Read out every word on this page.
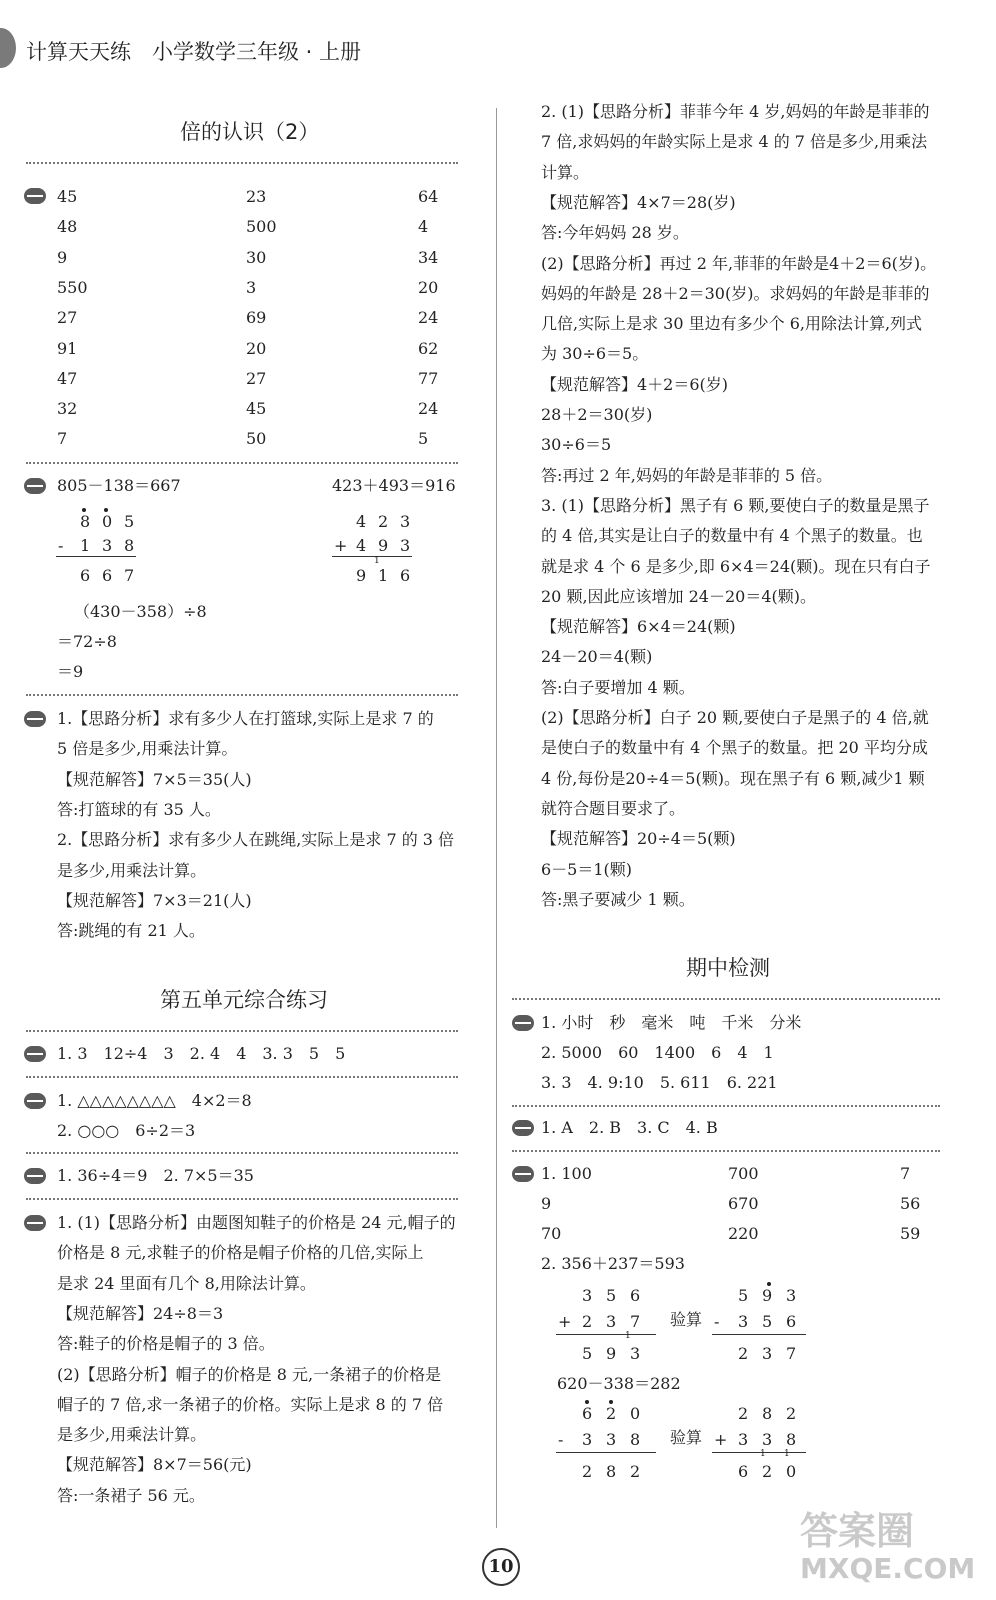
计算天天练　小学数学三年级 · 上册
倍的认识（2）
45	23	64
48	500	4
9	30	34
550	3	20
27	69	24
91	20	62
47	27	77
32	45	24
7	50	5
805－138＝667	423＋493＝916
8 0 5
- 1 3 8
6 6 7
4 2 3
+ 4 9 3
9 1 6
1
（430－358）÷8
＝72÷8
＝9
1.【思路分析】求有多少人在打篮球,实际上是求 7 的
5 倍是多少,用乘法计算。
【规范解答】7×5＝35(人)
答:打篮球的有 35 人。
2.【思路分析】求有多少人在跳绳,实际上是求 7 的 3 倍
是多少,用乘法计算。
【规范解答】7×3＝21(人)
答:跳绳的有 21 人。
第五单元综合练习
1. 3　12÷4　3　2. 4　4　3. 3　5　5
1. △△△△△△△△　4×2＝8
2. ○○○　6÷2＝3
1. 36÷4＝9　2. 7×5＝35
1. (1)【思路分析】由题图知鞋子的价格是 24 元,帽子的
价格是 8 元,求鞋子的价格是帽子价格的几倍,实际上
是求 24 里面有几个 8,用除法计算。
【规范解答】24÷8＝3
答:鞋子的价格是帽子的 3 倍。
(2)【思路分析】帽子的价格是 8 元,一条裙子的价格是
帽子的 7 倍,求一条裙子的价格。实际上是求 8 的 7 倍
是多少,用乘法计算。
【规范解答】8×7＝56(元)
答:一条裙子 56 元。
2. (1)【思路分析】菲菲今年 4 岁,妈妈的年龄是菲菲的
7 倍,求妈妈的年龄实际上是求 4 的 7 倍是多少,用乘法
计算。
【规范解答】4×7＝28(岁)
答:今年妈妈 28 岁。
(2)【思路分析】再过 2 年,菲菲的年龄是4＋2＝6(岁)。
妈妈的年龄是 28＋2＝30(岁)。求妈妈的年龄是菲菲的
几倍,实际上是求 30 里边有多少个 6,用除法计算,列式
为 30÷6＝5。
【规范解答】4＋2＝6(岁)
28＋2＝30(岁)
30÷6＝5
答:再过 2 年,妈妈的年龄是菲菲的 5 倍。
3. (1)【思路分析】黑子有 6 颗,要使白子的数量是黑子
的 4 倍,其实是让白子的数量中有 4 个黑子的数量。也
就是求 4 个 6 是多少,即 6×4＝24(颗)。现在只有白子
20 颗,因此应该增加 24－20＝4(颗)。
【规范解答】6×4＝24(颗)
24－20＝4(颗)
答:白子要增加 4 颗。
(2)【思路分析】白子 20 颗,要使白子是黑子的 4 倍,就
是使白子的数量中有 4 个黑子的数量。把 20 平均分成
4 份,每份是20÷4＝5(颗)。现在黑子有 6 颗,减少1 颗
就符合题目要求了。
【规范解答】20÷4＝5(颗)
6－5＝1(颗)
答:黑子要减少 1 颗。
期中检测
1. 小时　秒　毫米　吨　千米　分米
2. 5000　60　1400　6　4　1
3. 3　4. 9:10　5. 611　6. 221
1. A　2. B　3. C　4. B
1. 100	700	7
9	670	56
70	220	59
2. 356＋237＝593
3 5 6
+ 2 3 7
5 9 3
1
验算
5 9 3
- 3 5 6
2 3 7
620－338＝282
6 2 0
- 3 3 8
2 8 2
验算
2 8 2
+ 3 3 8
6 2 0
1 1
10
答案圈
MXQE.COM
